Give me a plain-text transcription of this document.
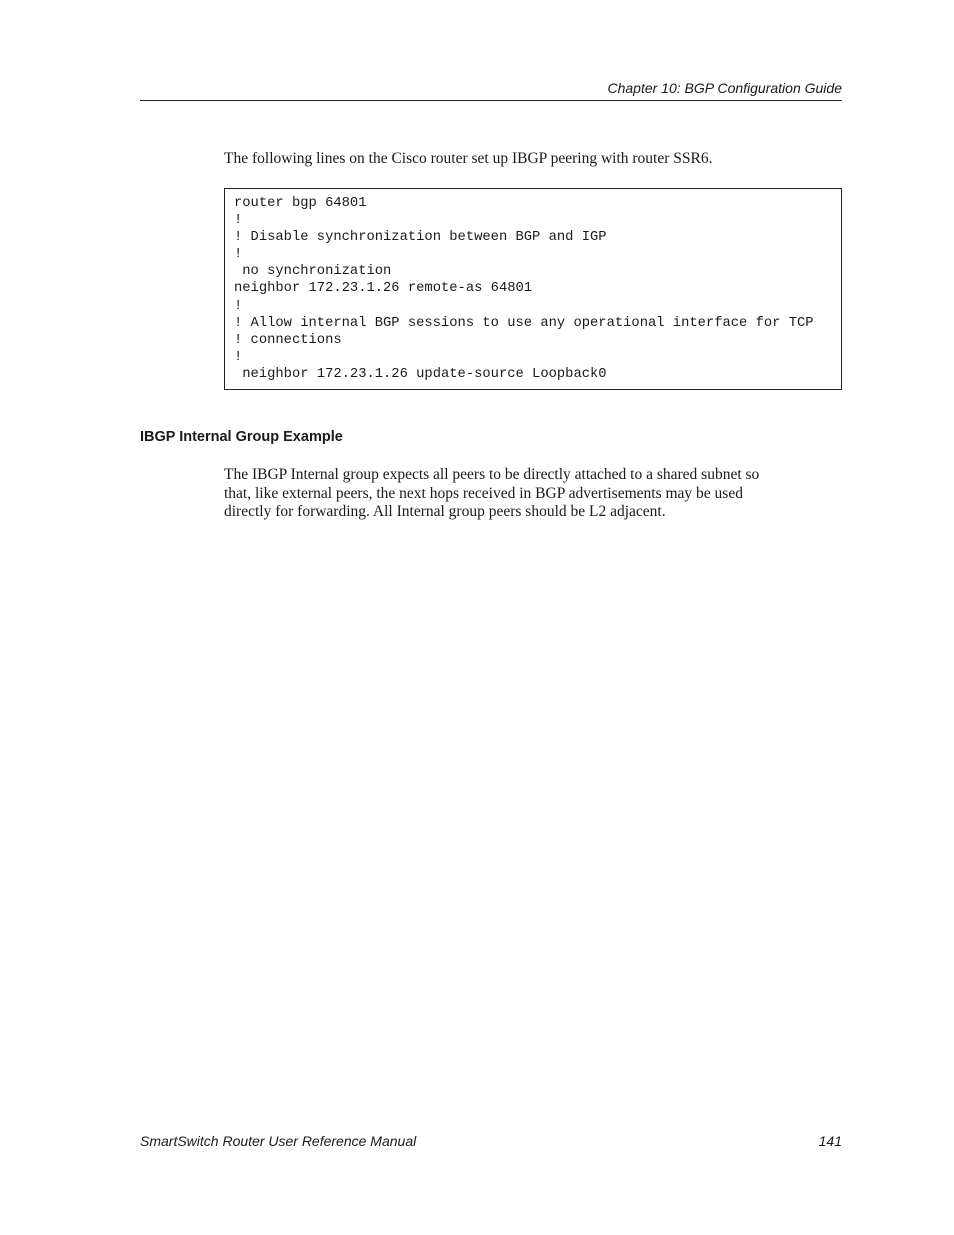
Chapter 10: BGP Configuration Guide

The following lines on the Cisco router set up IBGP peering with router SSR6.

router bgp 64801
!
! Disable synchronization between BGP and IGP
!
no synchronization
neighbor 172.23.1.26 remote-as 64801
!
! Allow internal BGP sessions to use any operational interface for TCP
! connections
!
neighbor 172.23.1.26 update-source Loopback0
IBGP Internal Group Example
The IBGP Internal group expects all peers to be directly attached to a shared subnet so
that, like external peers, the next hops received in BGP advertisements may be used
directly for forwarding. All Internal group peers should be L2 adjacent.
SmartSwitch Router User Reference Manual	141
